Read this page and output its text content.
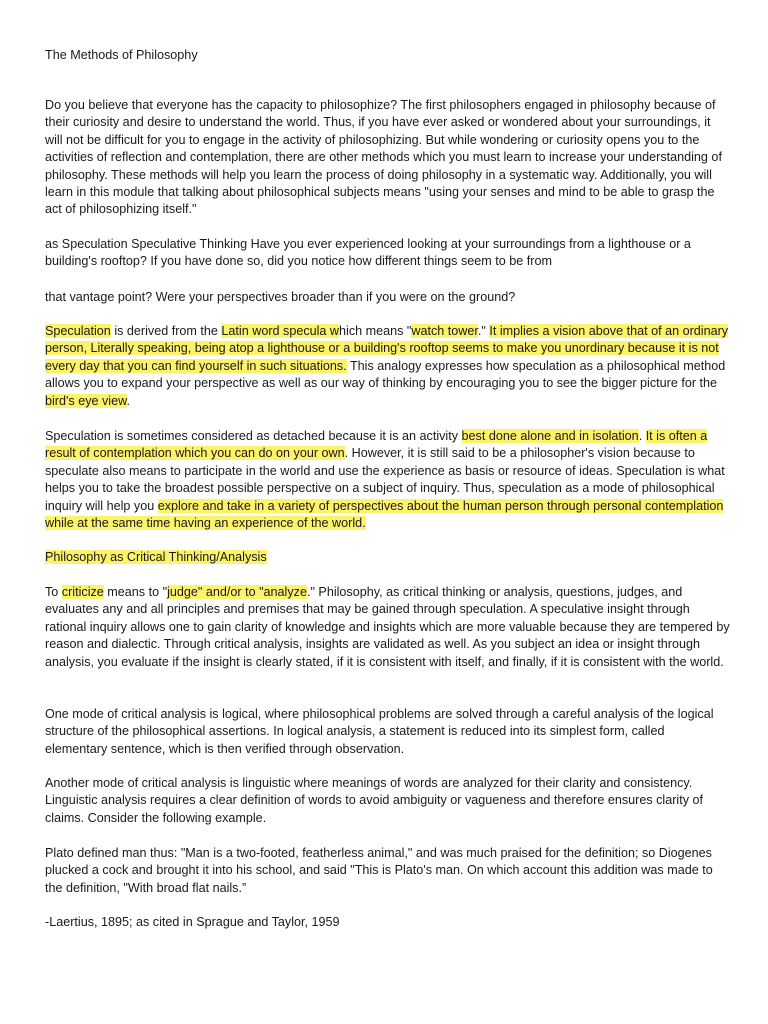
The Methods of Philosophy

Do you believe that everyone has the capacity to philosophize? The first philosophers engaged in philosophy because of their curiosity and desire to understand the world. Thus, if you have ever asked or wondered about your surroundings, it will not be difficult for you to engage in the activity of philosophizing. But while wondering or curiosity opens you to the activities of reflection and contemplation, there are other methods which you must learn to increase your understanding of philosophy. These methods will help you learn the process of doing philosophy in a systematic way. Additionally, you will learn in this module that talking about philosophical subjects means "using your senses and mind to be able to grasp the act of philosophizing itself."

as Speculation Speculative Thinking Have you ever experienced looking at your surroundings from a lighthouse or a building's rooftop? If you have done so, did you notice how different things seem to be from

that vantage point? Were your perspectives broader than if you were on the ground?

Speculation is derived from the Latin word specula which means "watch tower." It implies a vision above that of an ordinary person, Literally speaking, being atop a lighthouse or a building's rooftop seems to make you unordinary because it is not every day that you can find yourself in such situations. This analogy expresses how speculation as a philosophical method allows you to expand your perspective as well as our way of thinking by encouraging you to see the bigger picture for the bird's eye view.

Speculation is sometimes considered as detached because it is an activity best done alone and in isolation. It is often a result of contemplation which you can do on your own. However, it is still said to be a philosopher's vision because to speculate also means to participate in the world and use the experience as basis or resource of ideas. Speculation is what helps you to take the broadest possible perspective on a subject of inquiry. Thus, speculation as a mode of philosophical inquiry will help you explore and take in a variety of perspectives about the human person through personal contemplation while at the same time having an experience of the world.

Philosophy as Critical Thinking/Analysis

To criticize means to "judge" and/or to "analyze." Philosophy, as critical thinking or analysis, questions, judges, and evaluates any and all principles and premises that may be gained through speculation. A speculative insight through rational inquiry allows one to gain clarity of knowledge and insights which are more valuable because they are tempered by reason and dialectic. Through critical analysis, insights are validated as well. As you subject an idea or insight through analysis, you evaluate if the insight is clearly stated, if it is consistent with itself, and finally, if it is consistent with the world.

One mode of critical analysis is logical, where philosophical problems are solved through a careful analysis of the logical structure of the philosophical assertions. In logical analysis, a statement is reduced into its simplest form, called elementary sentence, which is then verified through observation.

Another mode of critical analysis is linguistic where meanings of words are analyzed for their clarity and consistency. Linguistic analysis requires a clear definition of words to avoid ambiguity or vagueness and therefore ensures clarity of claims. Consider the following example.

Plato defined man thus: "Man is a two-footed, featherless animal," and was much praised for the definition; so Diogenes plucked a cock and brought it into his school, and said "This is Plato's man. On which account this addition was made to the definition, "With broad flat nails.”

-Laertius, 1895; as cited in Sprague and Taylor, 1959
